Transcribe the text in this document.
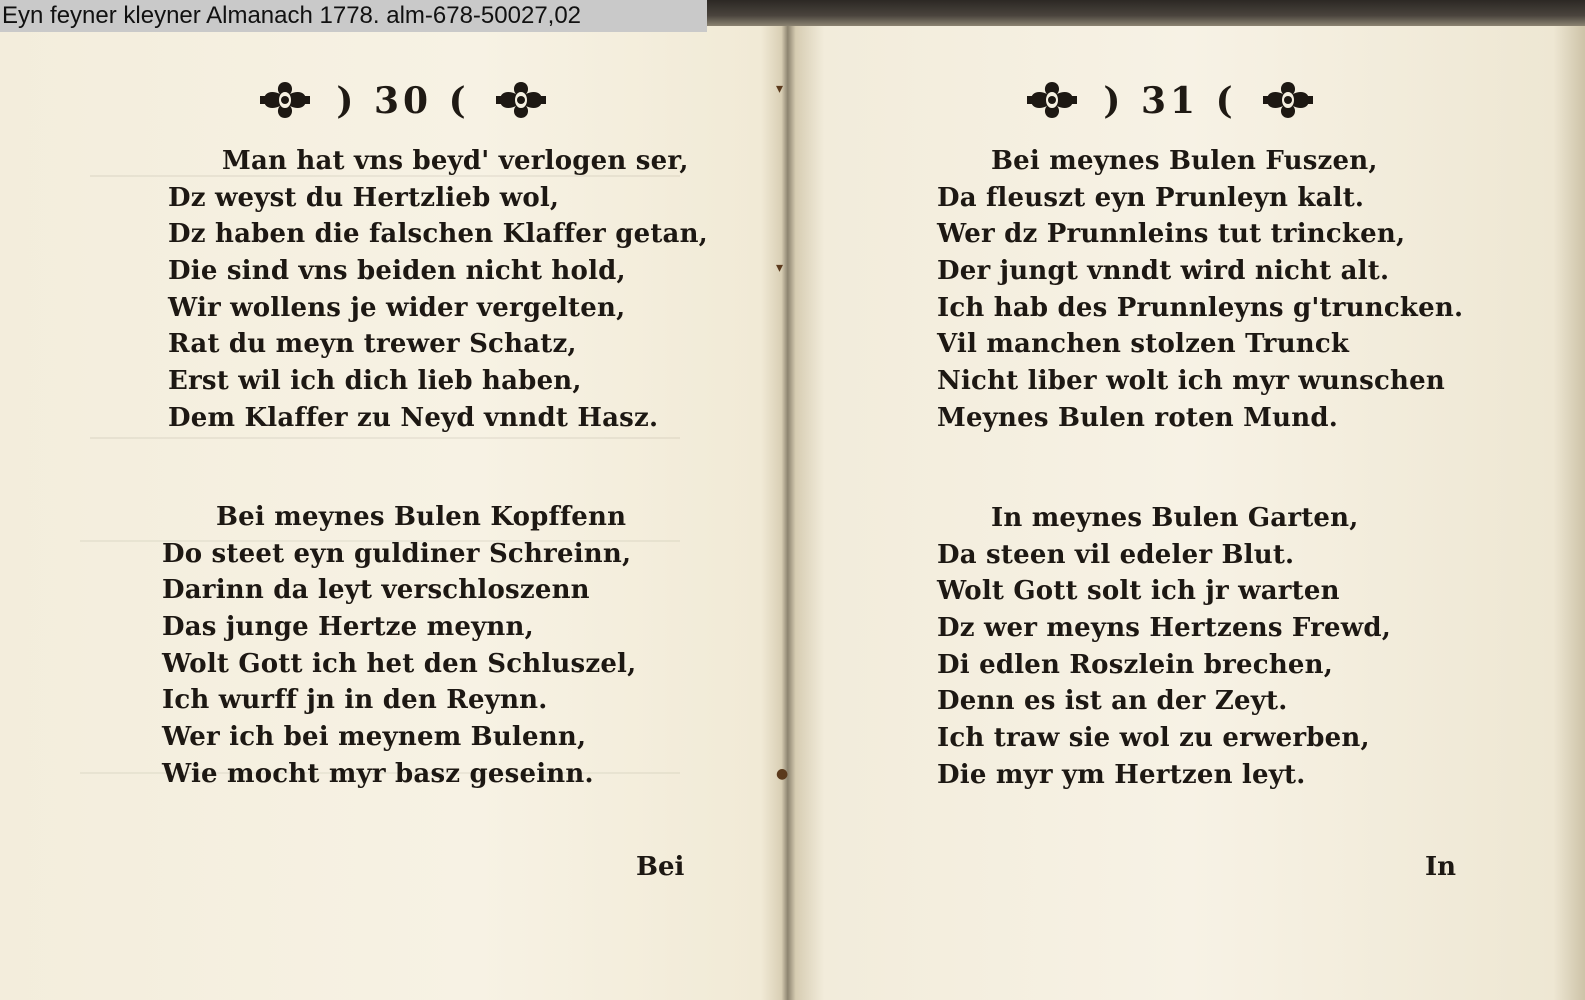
Eyn feyner kleyner Almanach 1778. alm-678-50027,02
▾
▾
●
) 30 (
Man hat vns beyd' verlogen ser,
Dz weyst du Hertzlieb wol,
Dz haben die falschen Klaffer getan,
Die sind vns beiden nicht hold,
Wir wollens je wider vergelten,
Rat du meyn trewer Schatz,
Erst wil ich dich lieb haben,
Dem Klaffer zu Neyd vnndt Hasz.
Bei meynes Bulen Kopffenn
Do steet eyn guldiner Schreinn,
Darinn da leyt verschloszenn
Das junge Hertze meynn,
Wolt Gott ich het den Schluszel,
Ich wurff jn in den Reynn.
Wer ich bei meynem Bulenn,
Wie mocht myr basz geseinn.
Bei
) 31 (
Bei meynes Bulen Fuszen,
Da fleuszt eyn Prunleyn kalt.
Wer dz Prunnleins tut trincken,
Der jungt vnndt wird nicht alt.
Ich hab des Prunnleyns g'truncken.
Vil manchen stolzen Trunck
Nicht liber wolt ich myr wunschen
Meynes Bulen roten Mund.
In meynes Bulen Garten,
Da steen vil edeler Blut.
Wolt Gott solt ich jr warten
Dz wer meyns Hertzens Frewd,
Di edlen Roszlein brechen,
Denn es ist an der Zeyt.
Ich traw sie wol zu erwerben,
Die myr ym Hertzen leyt.
In
